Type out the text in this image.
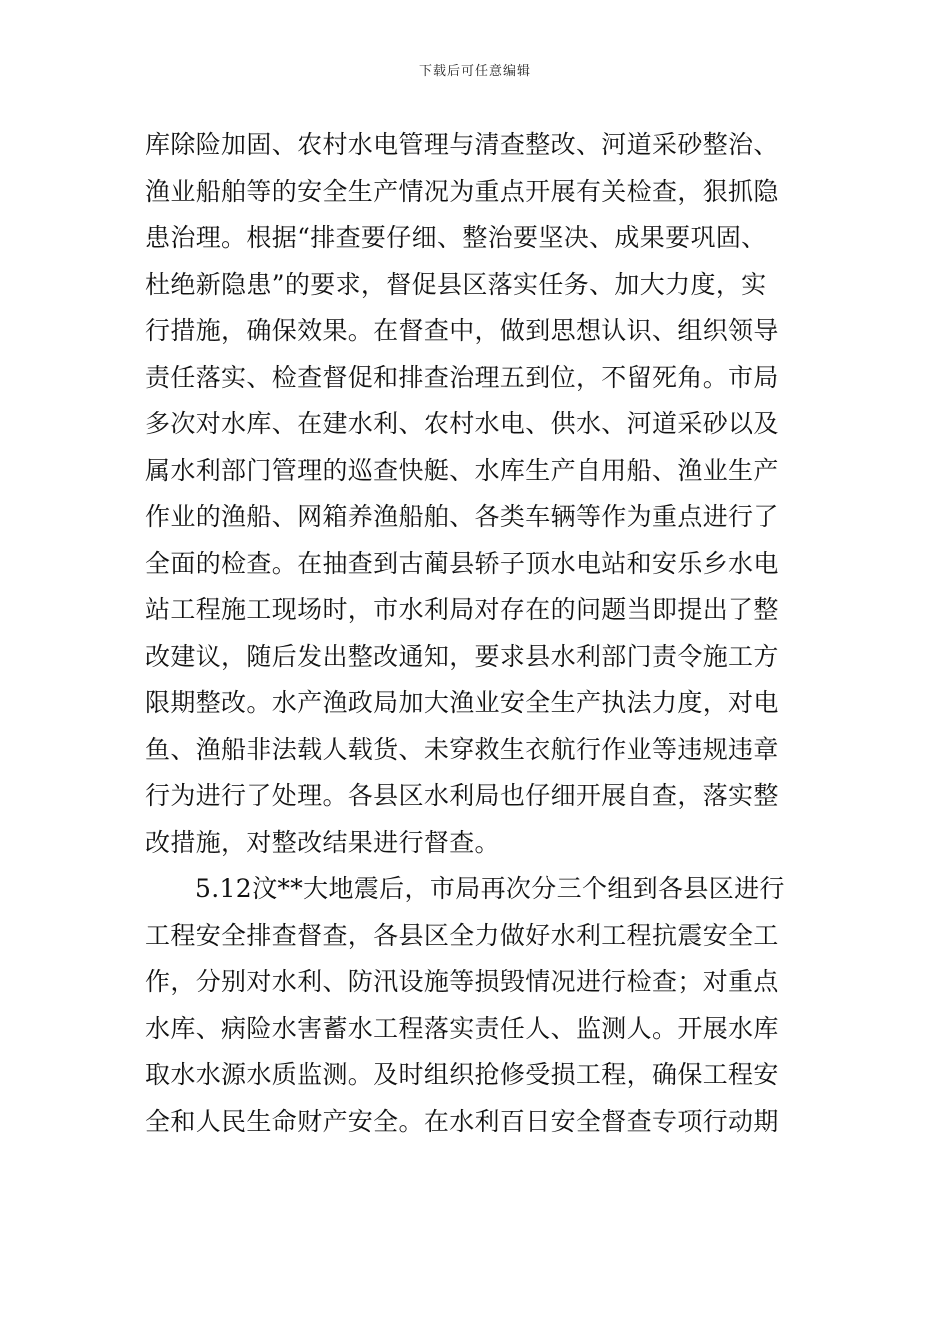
下载后可任意编辑
库除险加固、农村水电管理与清查整改、河道采砂整治、
渔业船舶等的安全生产情况为重点开展有关检查，狠抓隐
患治理。根据“排查要仔细、整治要坚决、成果要巩固、
杜绝新隐患”的要求，督促县区落实任务、加大力度，实
行措施，确保效果。在督查中，做到思想认识、组织领导
责任落实、检查督促和排查治理五到位，不留死角。市局
多次对水库、在建水利、农村水电、供水、河道采砂以及
属水利部门管理的巡查快艇、水库生产自用船、渔业生产
作业的渔船、网箱养渔船舶、各类车辆等作为重点进行了
全面的检查。在抽查到古蔺县轿子顶水电站和安乐乡水电
站工程施工现场时，市水利局对存在的问题当即提出了整
改建议，随后发出整改通知，要求县水利部门责令施工方
限期整改。水产渔政局加大渔业安全生产执法力度，对电
鱼、渔船非法载人载货、未穿救生衣航行作业等违规违章
行为进行了处理。各县区水利局也仔细开展自查，落实整
改措施，对整改结果进行督查。
5.12汶**大地震后，市局再次分三个组到各县区进行
工程安全排查督查，各县区全力做好水利工程抗震安全工
作，分别对水利、防汛设施等损毁情况进行检查；对重点
水库、病险水害蓄水工程落实责任人、监测人。开展水库
取水水源水质监测。及时组织抢修受损工程，确保工程安
全和人民生命财产安全。在水利百日安全督查专项行动期
